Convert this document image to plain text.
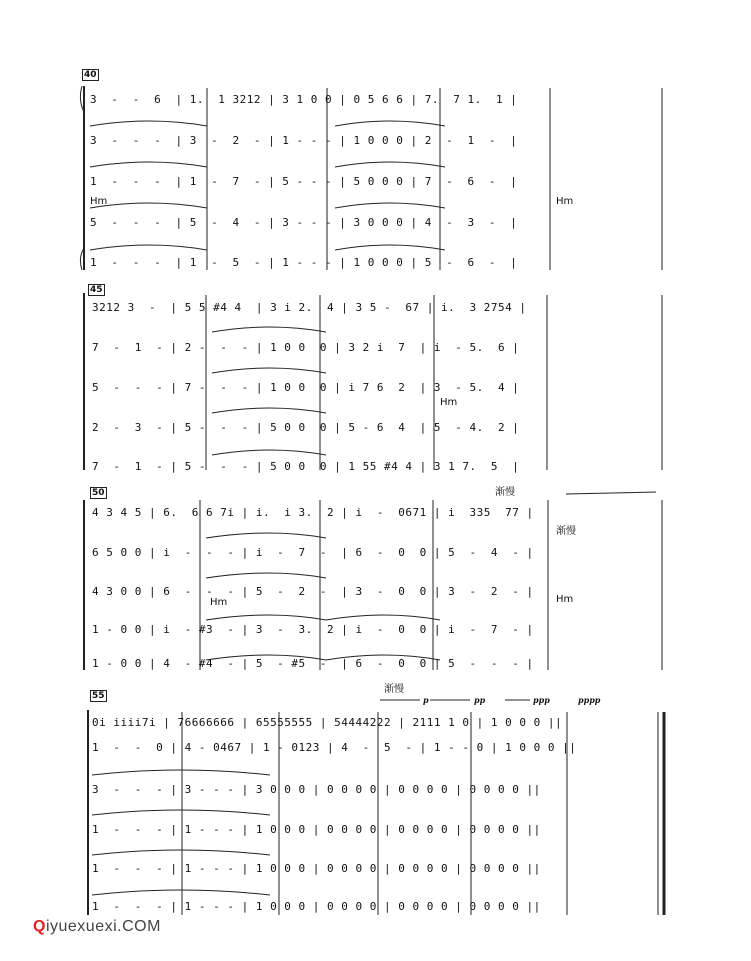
40
3  -  -  6  | 1.  1 3212 | 3 1 0 0 | 0 5 6 6 | 7.  7 1.  1 |
3  -  -  -  | 3  -  2  - | 1 - - - | 1 0 0 0 | 2  -  1  -  |
1  -  -  -  | 1  -  7  - | 5 - - - | 5 0 0 0 | 7  -  6  -  |
Hm	Hm
5  -  -  -  | 5  -  4  - | 3 - - - | 3 0 0 0 | 4  -  3  -  |
1  -  -  -  | 1  -  5  - | 1 - - - | 1 0 0 0 | 5  -  6  -  |
45
3212 3  -  | 5 5 #4 4  | 3 i 2.  4 | 3 5 -  67 | i.  3 2754 |
7  -  1  - | 2 -  -  - | 1 0 0  0 | 3 2 i  7  | i  - 5.  6 |
5  -  -  - | 7 -  -  - | 1 0 0  0 | i 7 6  2  | 3  - 5.  4 |
Hm
2  -  3  - | 5 -  -  - | 5 0 0  0 | 5 - 6  4  | 5  - 4.  2 |
7  -  1  - | 5 -  -  - | 5 0 0  0 | 1 55 #4 4 | 3 1 7.  5  |
50	渐慢
4 3 4 5 | 6.  6 6 7i | i.  i 3.  2 | i  -  0671 | i  335  77 |
渐慢
6 5 0 0 | i  -  -  - | i  -  7  -  | 6  -  0  0 | 5  -  4  - |
4 3 0 0 | 6  -  -  - | 5  -  2  -  | 3  -  0  0 | 3  -  2  - |
Hm	Hm
1 - 0 0 | i  - #3  - | 3  -  3.  2 | i  -  0  0 | i  -  7  - |
1 - 0 0 | 4  - #4  - | 5  - #5  -  | 6  -  0  0 | 5  -  -  - |
55
渐慢
p	pp	ppp	pppp
0i iiii7i | 76666666 | 65555555 | 54444222 | 2111 1 0 | 1 0 0 0 ||
1  -  -  0 | 4 - 0467 | 1 - 0123 | 4  -  5  - | 1 - - 0 | 1 0 0 0 ||
3  -  -  - | 3 - - - | 3 0 0 0 | 0 0 0 0 | 0 0 0 0 | 0 0 0 0 ||
1  -  -  - | 1 - - - | 1 0 0 0 | 0 0 0 0 | 0 0 0 0 | 0 0 0 0 ||
1  -  -  - | 1 - - - | 1 0 0 0 | 0 0 0 0 | 0 0 0 0 | 0 0 0 0 ||
1  -  -  - | 1 - - - | 1 0 0 0 | 0 0 0 0 | 0 0 0 0 | 0 0 0 0 ||
Qiyuexuexi.COM
